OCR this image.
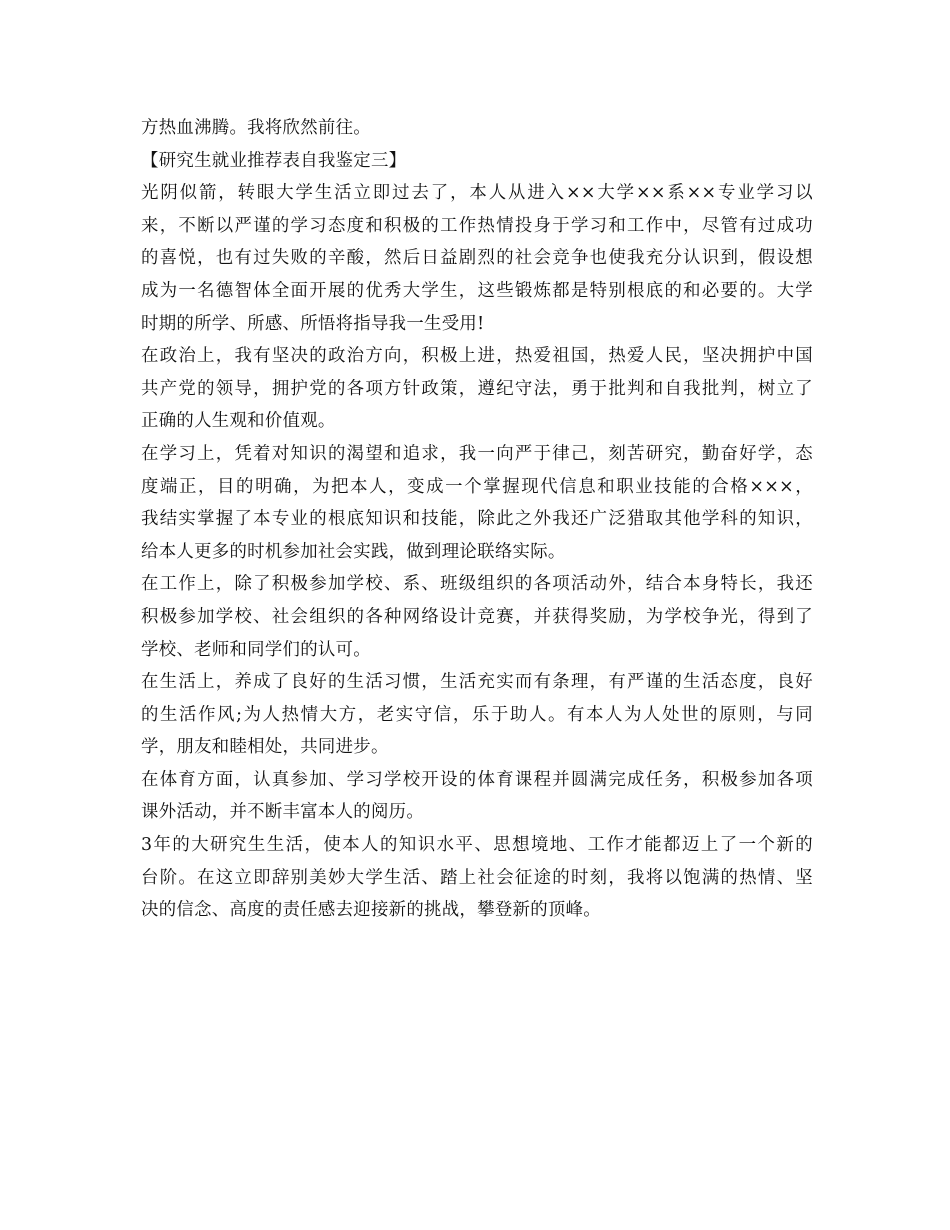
方热血沸腾。我将欣然前往。
【研究生就业推荐表自我鉴定三】
光阴似箭，转眼大学生活立即过去了，本人从进入××大学××系××专业学习以
来，不断以严谨的学习态度和积极的工作热情投身于学习和工作中，尽管有过成功
的喜悦，也有过失败的辛酸，然后日益剧烈的社会竞争也使我充分认识到，假设想
成为一名德智体全面开展的优秀大学生，这些锻炼都是特别根底的和必要的。大学
时期的所学、所感、所悟将指导我一生受用!
在政治上，我有坚决的政治方向，积极上进，热爱祖国，热爱人民，坚决拥护中国
共产党的领导，拥护党的各项方针政策，遵纪守法，勇于批判和自我批判，树立了
正确的人生观和价值观。
在学习上，凭着对知识的渴望和追求，我一向严于律己，刻苦研究，勤奋好学，态
度端正，目的明确，为把本人，变成一个掌握现代信息和职业技能的合格×××，
我结实掌握了本专业的根底知识和技能，除此之外我还广泛猎取其他学科的知识，
给本人更多的时机参加社会实践，做到理论联络实际。
在工作上，除了积极参加学校、系、班级组织的各项活动外，结合本身特长，我还
积极参加学校、社会组织的各种网络设计竞赛，并获得奖励，为学校争光，得到了
学校、老师和同学们的认可。
在生活上，养成了良好的生活习惯，生活充实而有条理，有严谨的生活态度，良好
的生活作风;为人热情大方，老实守信，乐于助人。有本人为人处世的原则，与同
学，朋友和睦相处，共同进步。
在体育方面，认真参加、学习学校开设的体育课程并圆满完成任务，积极参加各项
课外活动，并不断丰富本人的阅历。
3年的大研究生生活，使本人的知识水平、思想境地、工作才能都迈上了一个新的
台阶。在这立即辞别美妙大学生活、踏上社会征途的时刻，我将以饱满的热情、坚
决的信念、高度的责任感去迎接新的挑战，攀登新的顶峰。
